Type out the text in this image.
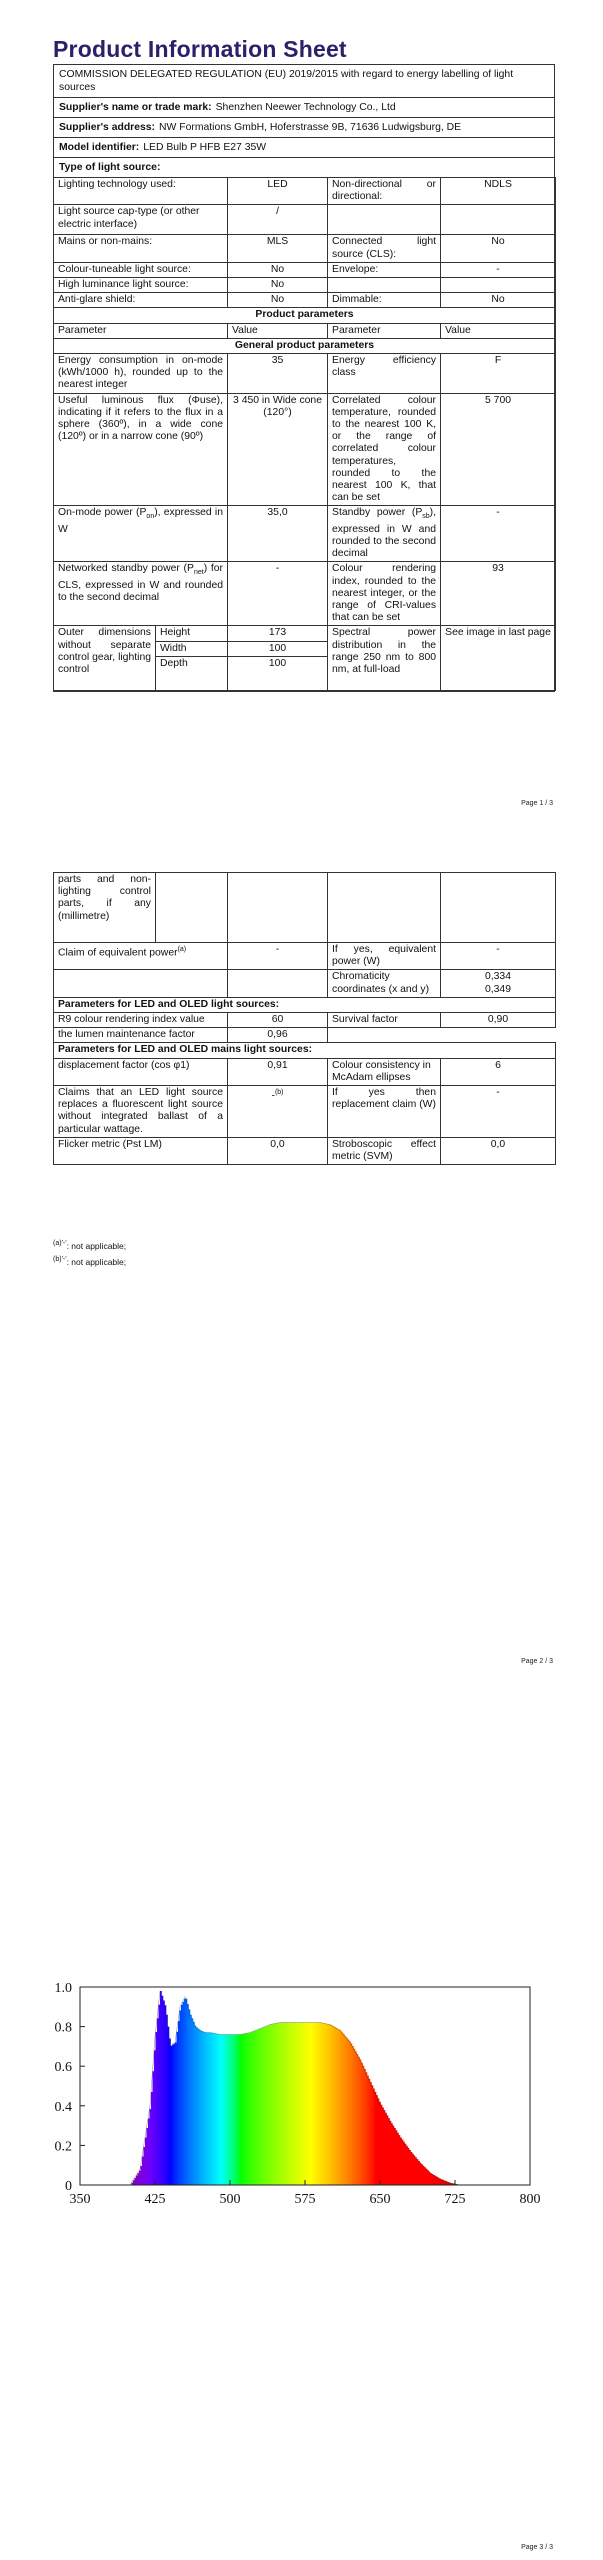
Product Information Sheet
COMMISSION DELEGATED REGULATION (EU) 2019/2015 with regard to energy labelling of light sources
Supplier's name or trade mark: Shenzhen Neewer Technology Co., Ltd
Supplier's address: NW Formations GmbH, Hoferstrasse 9B, 71636 Ludwigsburg, DE
Model identifier: LED Bulb P HFB E27 35W
Type of light source:
Lighting technology used:		LED	Non-directional or directional:	NDLS
Light source cap-type (or other electric interface)		/		
Mains or non-mains:		MLS	Connected light source (CLS):	No
Colour-tuneable light source:		No	Envelope:	-
High luminance light source:		No		
Anti-glare shield:		No	Dimmable:	No
Product parameters				
Parameter		Value	Parameter	Value
General product parameters				
Energy consumption in on-mode (kWh/1000 h), rounded up to the nearest integer		35	Energy efficiency class	F
Useful luminous flux (Φuse), indicating if it refers to the flux in a sphere (360º), in a wide cone (120º) or in a narrow cone (90º)		3 450 in Wide cone (120°)	Correlated colour temperature, rounded to the nearest 100 K, or the range of correlated colour temperatures, rounded to the nearest 100 K, that can be set	5 700
On-mode power $(P_{on})$, expressed in W		35,0	Standby power $(P_{sb})$, expressed in W and rounded to the second decimal	-
Networked standby power $(P_{net})$ for CLS, expressed in W and rounded to the second decimal		-	Colour rendering index, rounded to the nearest integer, or the range of CRI-values that can be set	93
Outer dimensions without separate control gear, lighting control	Height	173	Spectral power distribution in the range 250 nm to 800 nm, at full-load	See image in last page
	Width	100		
	Depth	100		
Page 1 / 3
parts and non-lighting control parts, if any (millimetre)				
Claim of equivalent power$^{(a)}$		-	If yes, equivalent power (W)	-
			Chromaticity coordinates (x and y)	0,334
0,349

Parameters for LED and OLED light sources:				
R9 colour rendering index value		60	Survival factor	0,90
the lumen maintenance factor		0,96		
Parameters for LED and OLED mains light sources:				
displacement factor (cos φ1)		0,91	Colour consistency in McAdam ellipses	6
Claims that an LED light source replaces a fluorescent light source without integrated ballast of a particular wattage.		-$^{(b)}$	If yes then replacement claim (W)	-
Flicker metric (Pst LM)		0,0	Stroboscopic effect metric (SVM)	0,0
$^{(a)'-'}$: not applicable;
$^{(b)'-'}$: not applicable;
Page 2 / 3
0
0.2
0.4
0.6
0.8
1.0
350	425	500	575	650	725	800
Page 3 / 3
